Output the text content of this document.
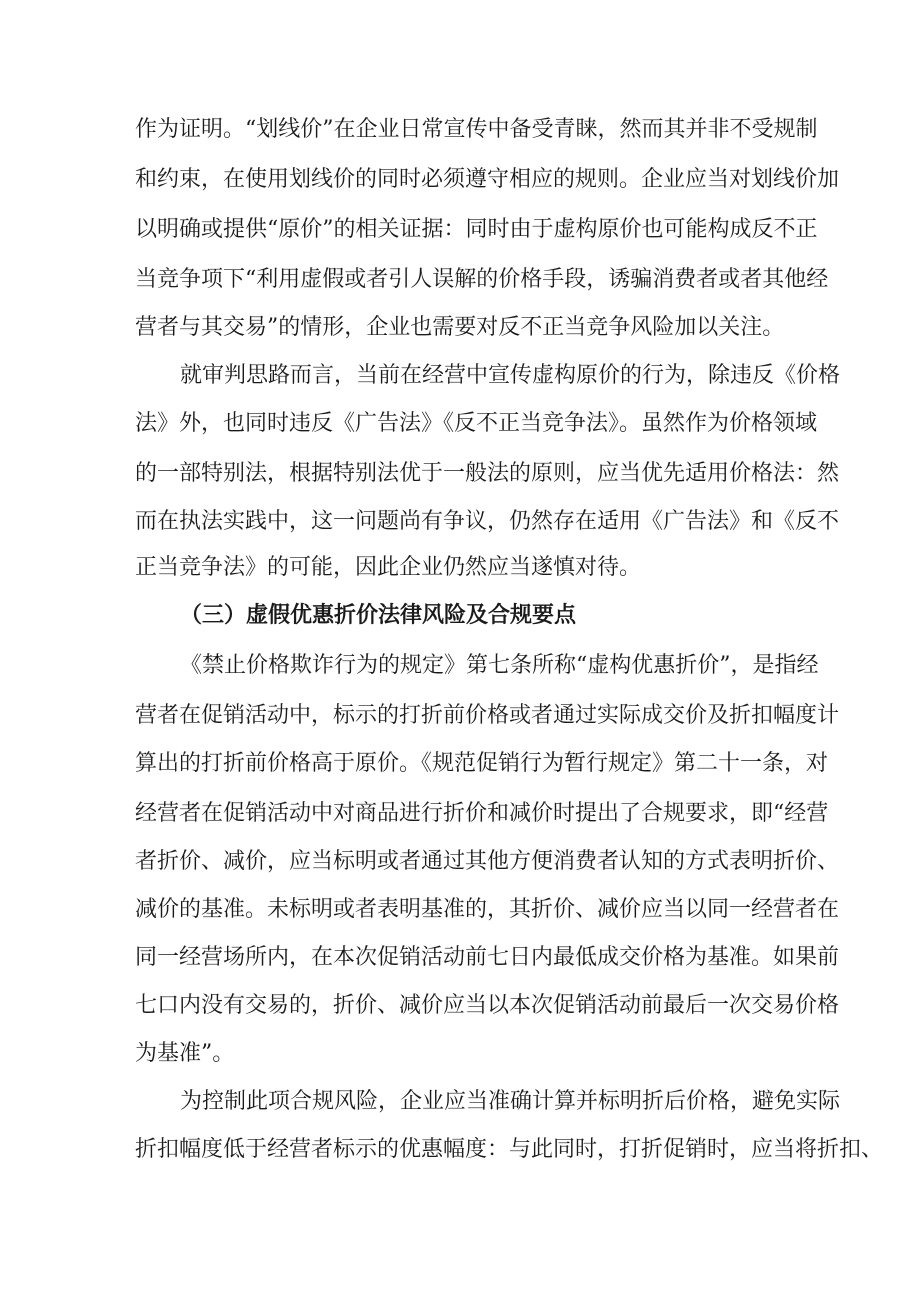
作为证明。“划线价”在企业日常宣传中备受青睐，然而其并非不受规制
和约束，在使用划线价的同时必须遵守相应的规则。企业应当对划线价加
以明确或提供“原价”的相关证据：同时由于虚构原价也可能构成反不正
当竞争项下“利用虚假或者引人误解的价格手段，诱骗消费者或者其他经
营者与其交易”的情形，企业也需要对反不正当竞争风险加以关注。
就审判思路而言，当前在经营中宣传虚构原价的行为，除违反《价格
法》外，也同时违反《广告法》《反不正当竞争法》。虽然作为价格领域
的一部特别法，根据特别法优于一般法的原则，应当优先适用价格法：然
而在执法实践中，这一问题尚有争议，仍然存在适用《广告法》和《反不
正当竞争法》的可能，因此企业仍然应当遂慎对待。
（三）虚假优惠折价法律风险及合规要点
《禁止价格欺诈行为的规定》第七条所称“虚构优惠折价”，是指经
营者在促销活动中，标示的打折前价格或者通过实际成交价及折扣幅度计
算出的打折前价格高于原价。《规范促销行为暂行规定》第二十一条，对
经营者在促销活动中对商品进行折价和减价时提出了合规要求，即“经营
者折价、减价，应当标明或者通过其他方便消费者认知的方式表明折价、
减价的基准。未标明或者表明基准的，其折价、减价应当以同一经营者在
同一经营场所内，在本次促销活动前七日内最低成交价格为基准。如果前
七口内没有交易的，折价、减价应当以本次促销活动前最后一次交易价格
为基准”。
为控制此项合规风险，企业应当准确计算并标明折后价格，避免实际
折扣幅度低于经营者标示的优惠幅度：与此同时，打折促销时，应当将折扣、
